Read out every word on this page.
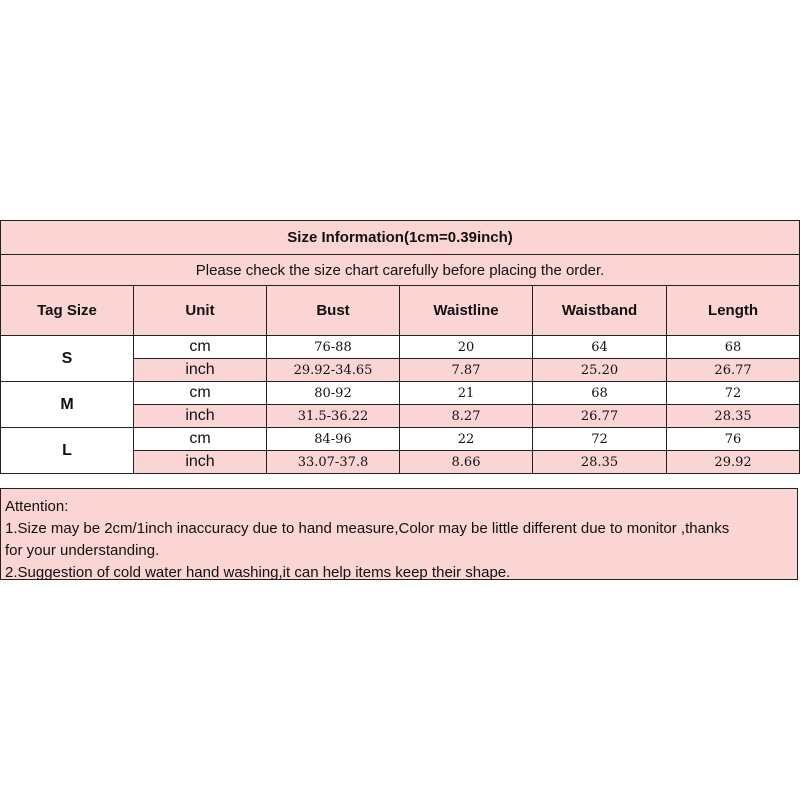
Size Information(1cm=0.39inch)					
Please check the size chart carefully before placing the order.					
Tag Size	Unit	Bust	Waistline	Waistband	Length
S	cm	76-88	20	64	68
	inch	29.92-34.65	7.87	25.20	26.77
M	cm	80-92	21	68	72
	inch	31.5-36.22	8.27	26.77	28.35
L	cm	84-96	22	72	76
	inch	33.07-37.8	8.66	28.35	29.92
Attention:
1.Size may be 2cm/1inch inaccuracy due to hand measure,Color may be little different due to monitor ,thanks
for your understanding.
2.Suggestion of cold water hand washing,it can help items keep their shape.
